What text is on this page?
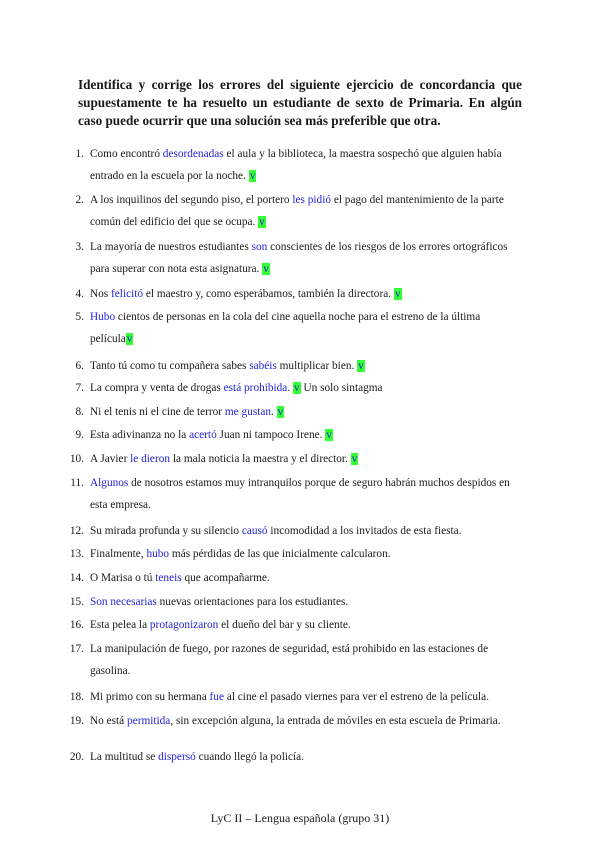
Identifica y corrige los errores del siguiente ejercicio de concordancia que supuestamente te ha resuelto un estudiante de sexto de Primaria. En algún caso puede ocurrir que una solución sea más preferible que otra.
1. Como encontró desordenadas el aula y la biblioteca, la maestra sospechó que alguien había entrado en la escuela por la noche. v
2. A los inquilinos del segundo piso, el portero les pidió el pago del mantenimiento de la parte común del edificio del que se ocupa. v
3. La mayoría de nuestros estudiantes son conscientes de los riesgos de los errores ortográficos para superar con nota esta asignatura. v
4. Nos felicitó el maestro y, como esperábamos, también la directora. v
5. Hubo cientos de personas en la cola del cine aquella noche para el estreno de la última películav
6. Tanto tú como tu compañera sabes sabéis multiplicar bien. v
7. La compra y venta de drogas está prohibida. v Un solo sintagma
8. Ni el tenis ni el cine de terror me gustan. v
9. Esta adivinanza no la acertó Juan ni tampoco Irene. v
10. A Javier le dieron la mala noticia la maestra y el director. v
11. Algunos de nosotros estamos muy intranquilos porque de seguro habrán muchos despidos en esta empresa.
12. Su mirada profunda y su silencio causó incomodidad a los invitados de esta fiesta.
13. Finalmente, hubo más pérdidas de las que inicialmente calcularon.
14. O Marisa o tú teneis que acompañarme.
15. Son necesarias nuevas orientaciones para los estudiantes.
16. Esta pelea la protagonizaron el dueño del bar y su cliente.
17. La manipulación de fuego, por razones de seguridad, está prohibido en las estaciones de gasolina.
18. Mi primo con su hermana fue al cine el pasado viernes para ver el estreno de la película.
19. No está permitida, sin excepción alguna, la entrada de móviles en esta escuela de Primaria.
20. La multitud se dispersó cuando llegó la policía.
LyC II – Lengua española (grupo 31)
